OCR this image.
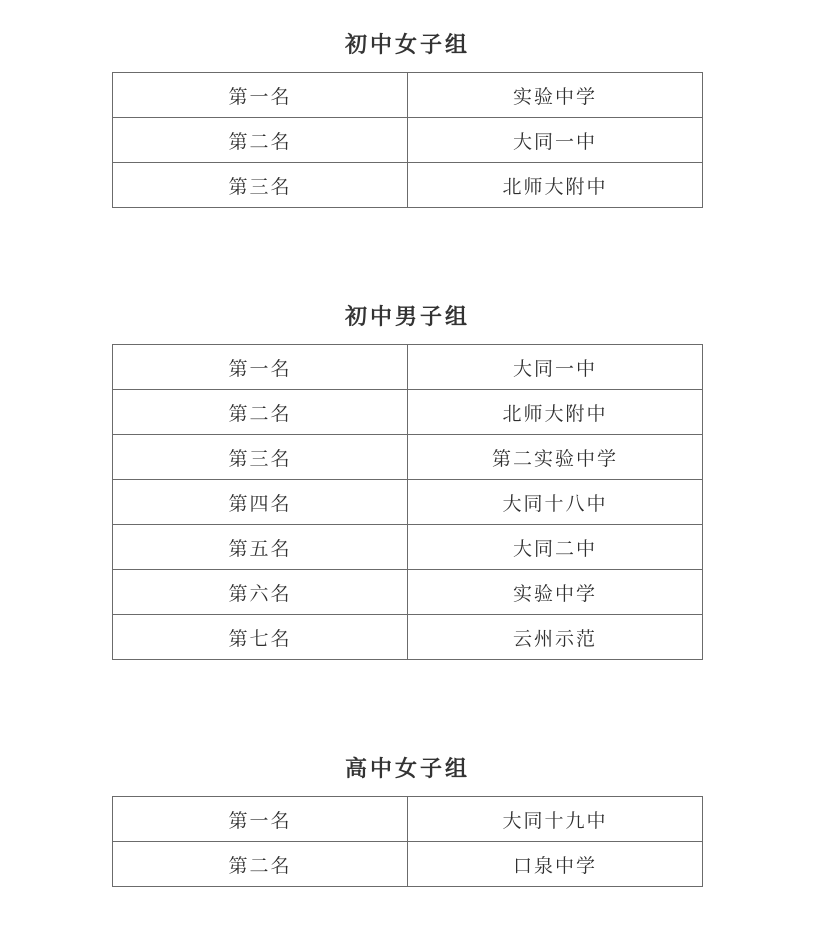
初中女子组
第一名	实验中学
第二名	大同一中
第三名	北师大附中
初中男子组
第一名	大同一中
第二名	北师大附中
第三名	第二实验中学
第四名	大同十八中
第五名	大同二中
第六名	实验中学
第七名	云州示范
高中女子组
第一名	大同十九中
第二名	口泉中学
